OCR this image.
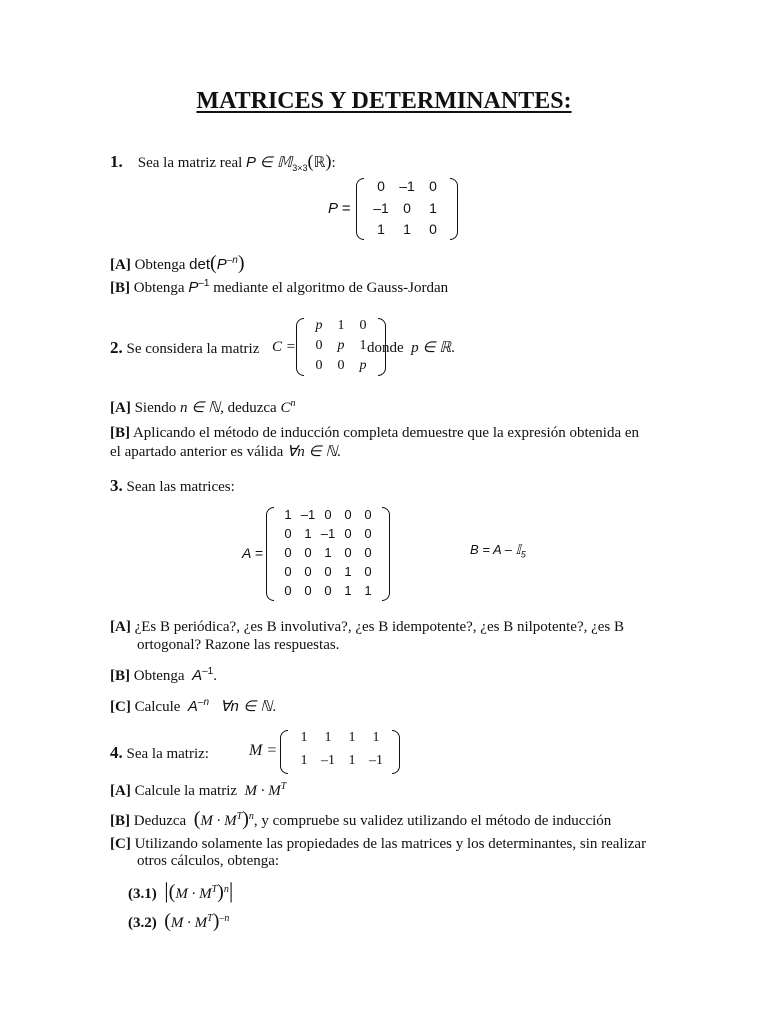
MATRICES Y DETERMINANTES:
1. Sea la matriz real P ∈ 𝕄$_{3\times 3}$(ℝ):
P =
0	–1	0
–1	0	1
1	1	0
[A] Obtenga $\det(P^{-n})$
[B] Obtenga $P^{-1}$ mediante el algoritmo de Gauss-Jordan
2. Se considera la matriz C =
p	1	0
0	p	1
0	0	p
donde p ∈ ℝ.
[A] Siendo n ∈ ℕ, deduzca $C^n$
[B] Aplicando el método de inducción completa demuestre que la expresión obtenida en
el apartado anterior es válida ∀n ∈ ℕ.
3. Sean las matrices:
A =
1 –1 0 0 0
0 1 –1 0 0
0 0 1 0 0
0 0 0 1 0
0 0 0 1 1
B = A – 𝕀$_5$
[A] ¿Es B periódica?, ¿es B involutiva?, ¿es B idempotente?, ¿es B nilpotente?, ¿es B
ortogonal? Razone las respuestas.
[B] Obtenga $A^{-1}$.
[C] Calcule $A^{-n}$ ∀n ∈ ℕ.
4. Sea la matriz:	M =
1	1	1	1
1 –1 1 –1
[A] Calcule la matriz $M \cdot M^T$
[B] Deduzca $(M \cdot M^T)^n$, y compruebe su validez utilizando el método de inducción
[C] Utilizando solamente las propiedades de las matrices y los determinantes, sin realizar
otros cálculos, obtenga:
(3.1) $|(M \cdot M^T)^n|$
(3.2) $(M \cdot M^T)^{-n}$
